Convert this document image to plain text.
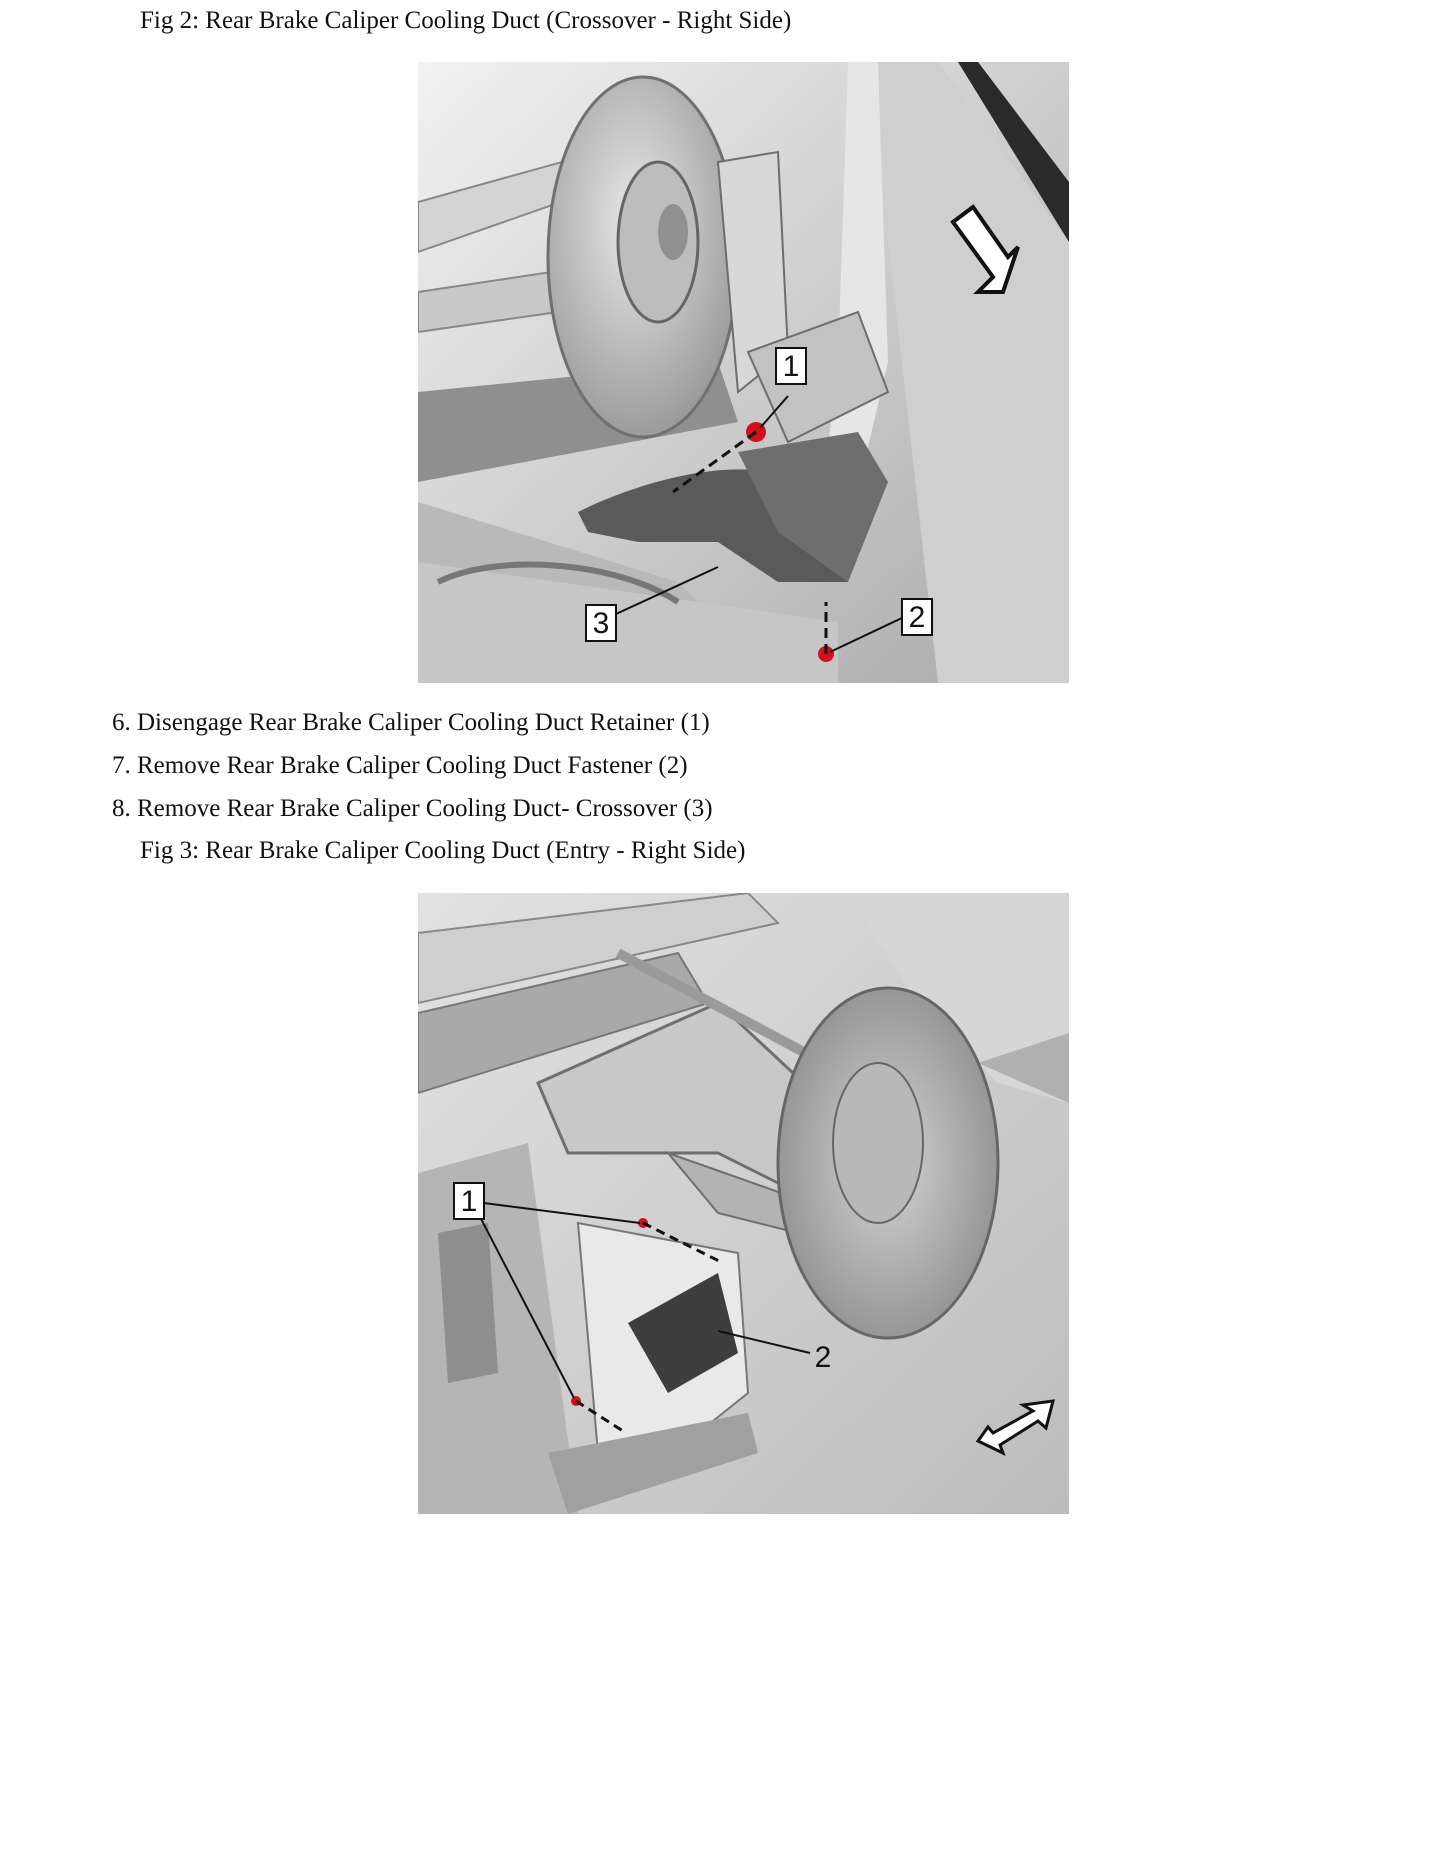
Fig 2: Rear Brake Caliper Cooling Duct (Crossover - Right Side)
1
2
3
6. Disengage Rear Brake Caliper Cooling Duct Retainer (1)
7. Remove Rear Brake Caliper Cooling Duct Fastener (2)
8. Remove Rear Brake Caliper Cooling Duct- Crossover (3)
Fig 3: Rear Brake Caliper Cooling Duct (Entry - Right Side)
1
2
